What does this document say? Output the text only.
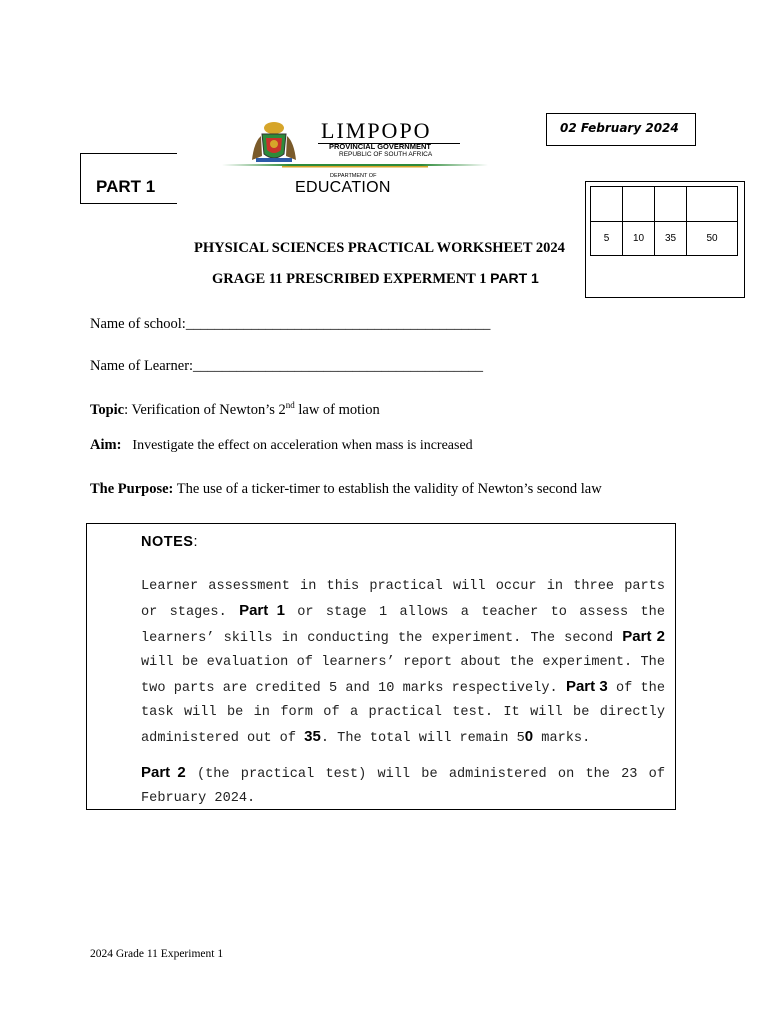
02 February 2024
PART 1
LIMPOPO
PROVINCIAL GOVERNMENT
REPUBLIC OF SOUTH AFRICA
DEPARTMENT OF
EDUCATION

5	10	35	50
PHYSICAL SCIENCES PRACTICAL WORKSHEET 2024
GRAGE 11 PRESCRIBED EXPERMENT 1 PART 1
Name of school:__________________________________________
Name of Learner:________________________________________
Topic: Verification of Newton’s 2nd law of motion
Aim: Investigate the effect on acceleration when mass is increased
The Purpose: The use of a ticker-timer to establish the validity of Newton’s second law
NOTES:
Learner assessment in this practical will occur in three parts or stages. Part 1 or stage 1 allows a teacher to assess the learners’ skills in conducting the experiment. The second Part 2 will be evaluation of learners’ report about the experiment. The two parts are credited 5 and 10 marks respectively. Part 3 of the task will be in form of a practical test. It will be directly administered out of 35. The total will remain 50 marks.
Part 2 (the practical test) will be administered on the 23 of February 2024.
2024 Grade 11 Experiment 1
